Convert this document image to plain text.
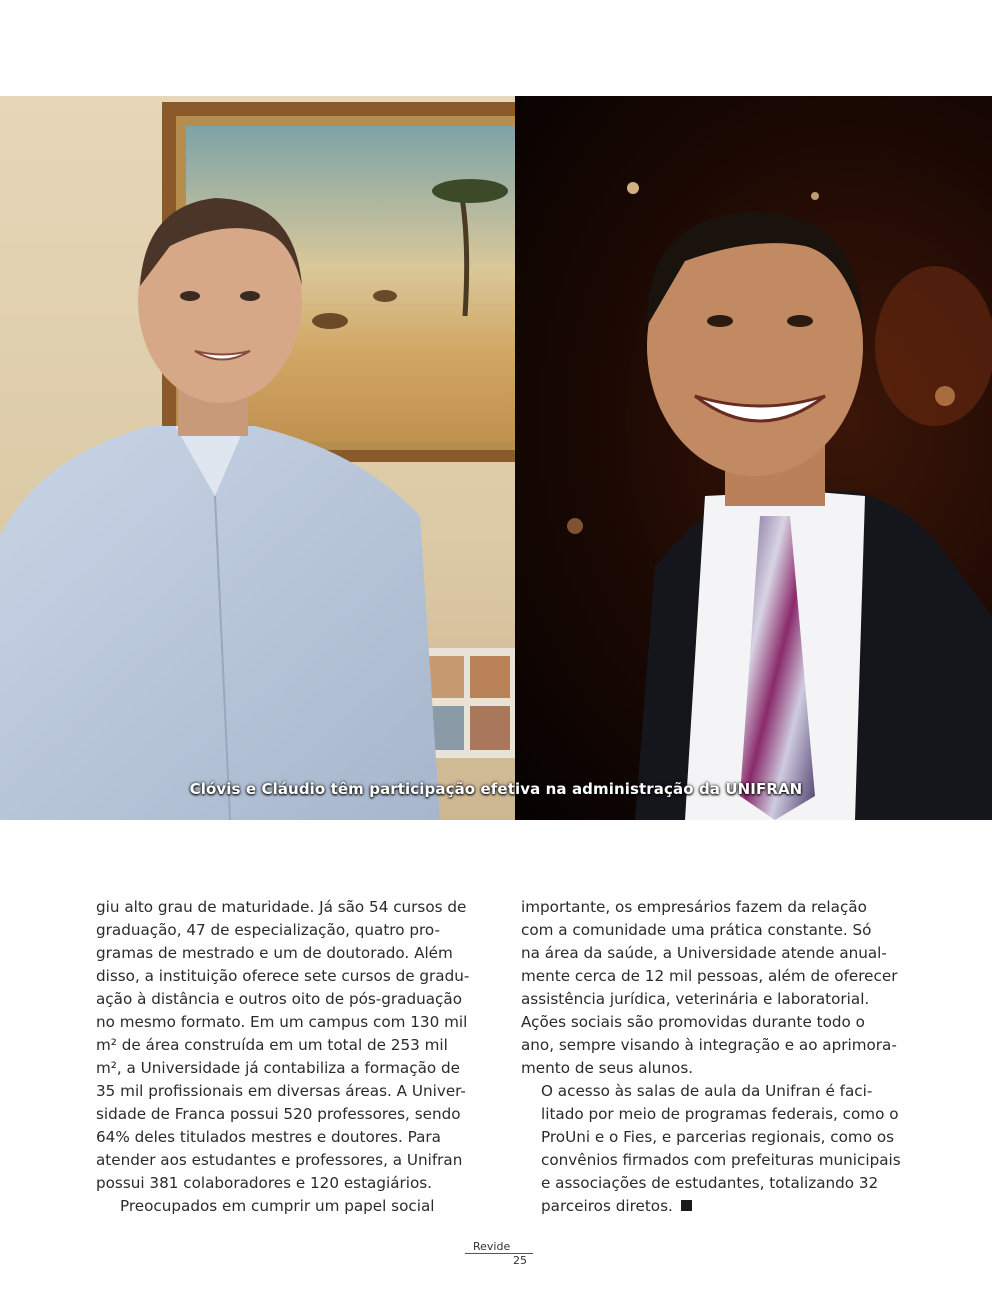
Clóvis e Cláudio têm participação efetiva na administração da UNIFRAN

giu alto grau de maturidade. Já são 54 cursos de
graduação, 47 de especialização, quatro pro-
gramas de mestrado e um de doutorado. Além
disso, a instituição oferece sete cursos de gradu-
ação à distância e outros oito de pós-graduação
no mesmo formato. Em um campus com 130 mil
m² de área construída em um total de 253 mil
m², a Universidade já contabiliza a formação de
35 mil profissionais em diversas áreas. A Univer-
sidade de Franca possui 520 professores, sendo
64% deles titulados mestres e doutores. Para
atender aos estudantes e professores, a Unifran
possui 381 colaboradores e 120 estagiários.

Preocupados em cumprir um papel social

importante, os empresários fazem da relação
com a comunidade uma prática constante. Só
na área da saúde, a Universidade atende anual-
mente cerca de 12 mil pessoas, além de oferecer
assistência jurídica, veterinária e laboratorial.
Ações sociais são promovidas durante todo o
ano, sempre visando à integração e ao aprimora-
mento de seus alunos.

O acesso às salas de aula da Unifran é faci-
litado por meio de programas federais, como o
ProUni e o Fies, e parcerias regionais, como os
convênios firmados com prefeituras municipais
e associações de estudantes, totalizando 32
parceiros diretos.

Revide
25
